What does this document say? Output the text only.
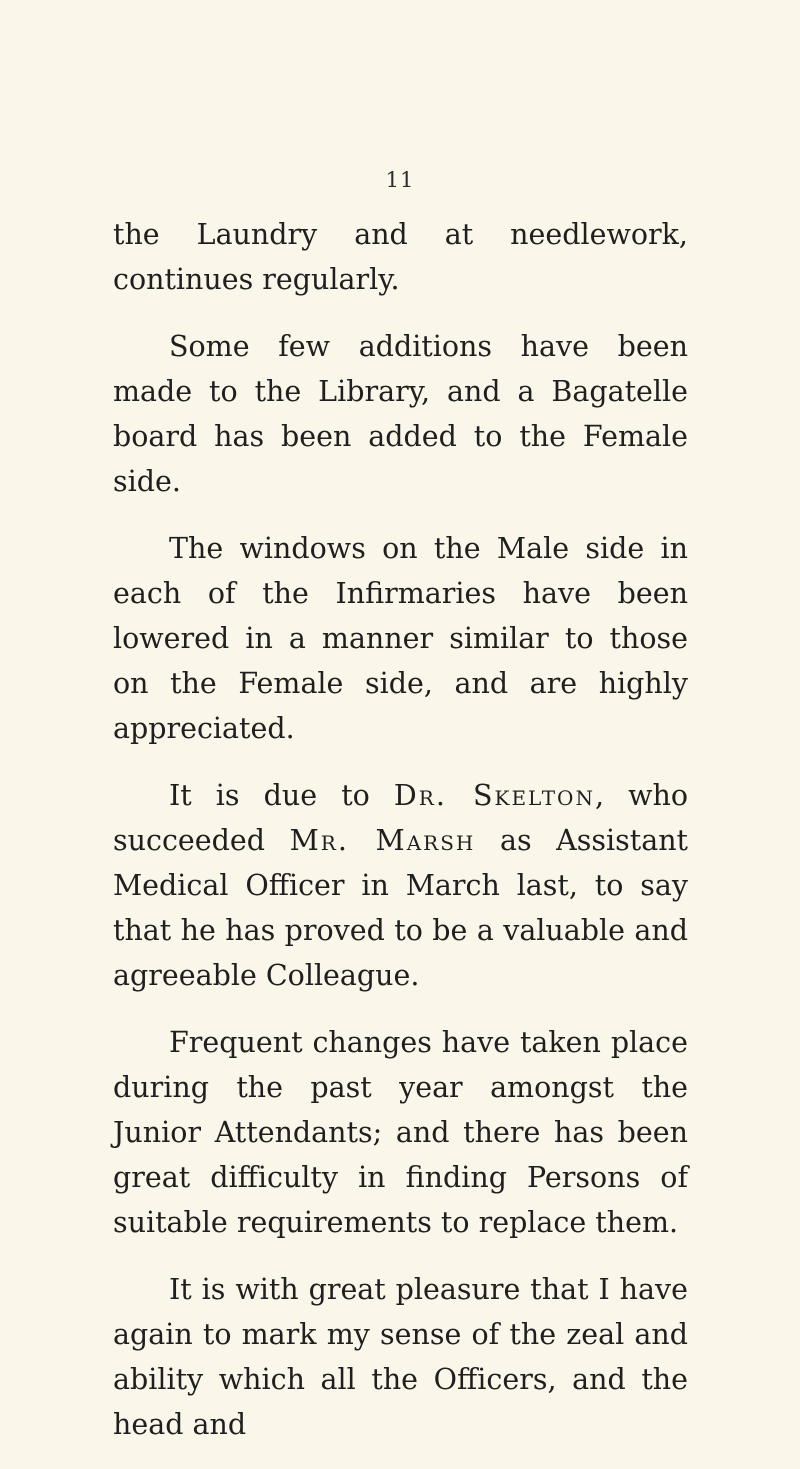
11

the Laundry and at needlework, continues regularly.

Some few additions have been made to the Library, and a Bagatelle board has been added to the Female side.

The windows on the Male side in each of the Infirmaries have been lowered in a manner similar to those on the Female side, and are highly appreciated.

It is due to Dr. Skelton, who succeeded Mr. Marsh as Assistant Medical Officer in March last, to say that he has proved to be a valuable and agreeable Colleague.

Frequent changes have taken place during the past year amongst the Junior Attendants; and there has been great difficulty in finding Persons of suitable requirements to replace them.

It is with great pleasure that I have again to mark my sense of the zeal and ability which all the Officers, and the head and
